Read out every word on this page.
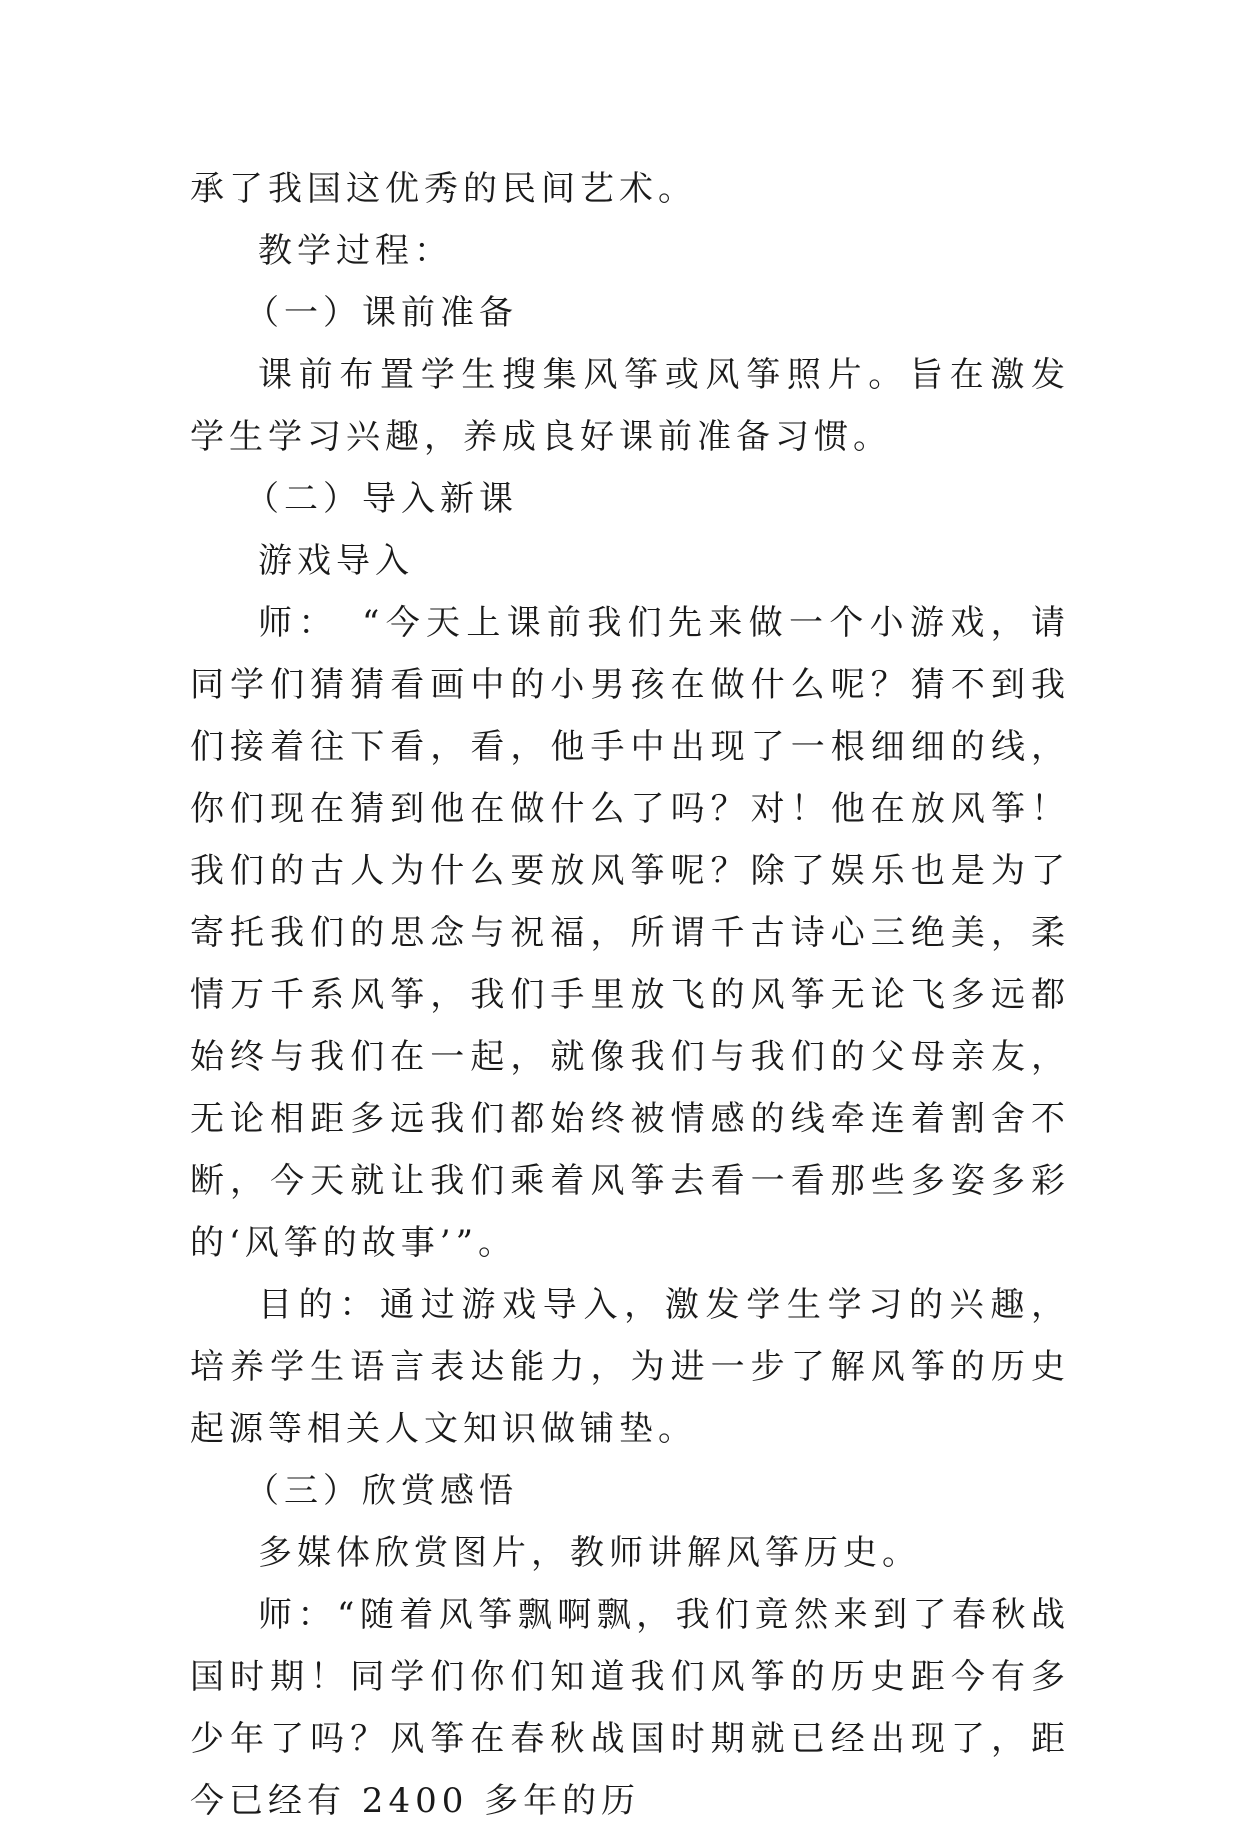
承了我国这优秀的民间艺术。

教学过程：

（一）课前准备

课前布置学生搜集风筝或风筝照片。旨在激发学生学习兴趣，养成良好课前准备习惯。

（二）导入新课

游戏导入

师：　“今天上课前我们先来做一个小游戏，请同学们猜猜看画中的小男孩在做什么呢？猜不到我们接着往下看，看，他手中出现了一根细细的线，你们现在猜到他在做什么了吗？对！他在放风筝！我们的古人为什么要放风筝呢？除了娱乐也是为了寄托我们的思念与祝福，所谓千古诗心三绝美，柔情万千系风筝，我们手里放飞的风筝无论飞多远都始终与我们在一起，就像我们与我们的父母亲友，无论相距多远我们都始终被情感的线牵连着割舍不断，今天就让我们乘着风筝去看一看那些多姿多彩的‘风筝的故事’”。

目的：通过游戏导入，激发学生学习的兴趣，培养学生语言表达能力，为进一步了解风筝的历史起源等相关人文知识做铺垫。

（三）欣赏感悟

多媒体欣赏图片，教师讲解风筝历史。

师：“随着风筝飘啊飘，我们竟然来到了春秋战国时期！同学们你们知道我们风筝的历史距今有多少年了吗？风筝在春秋战国时期就已经出现了，距今已经有 2400 多年的历
